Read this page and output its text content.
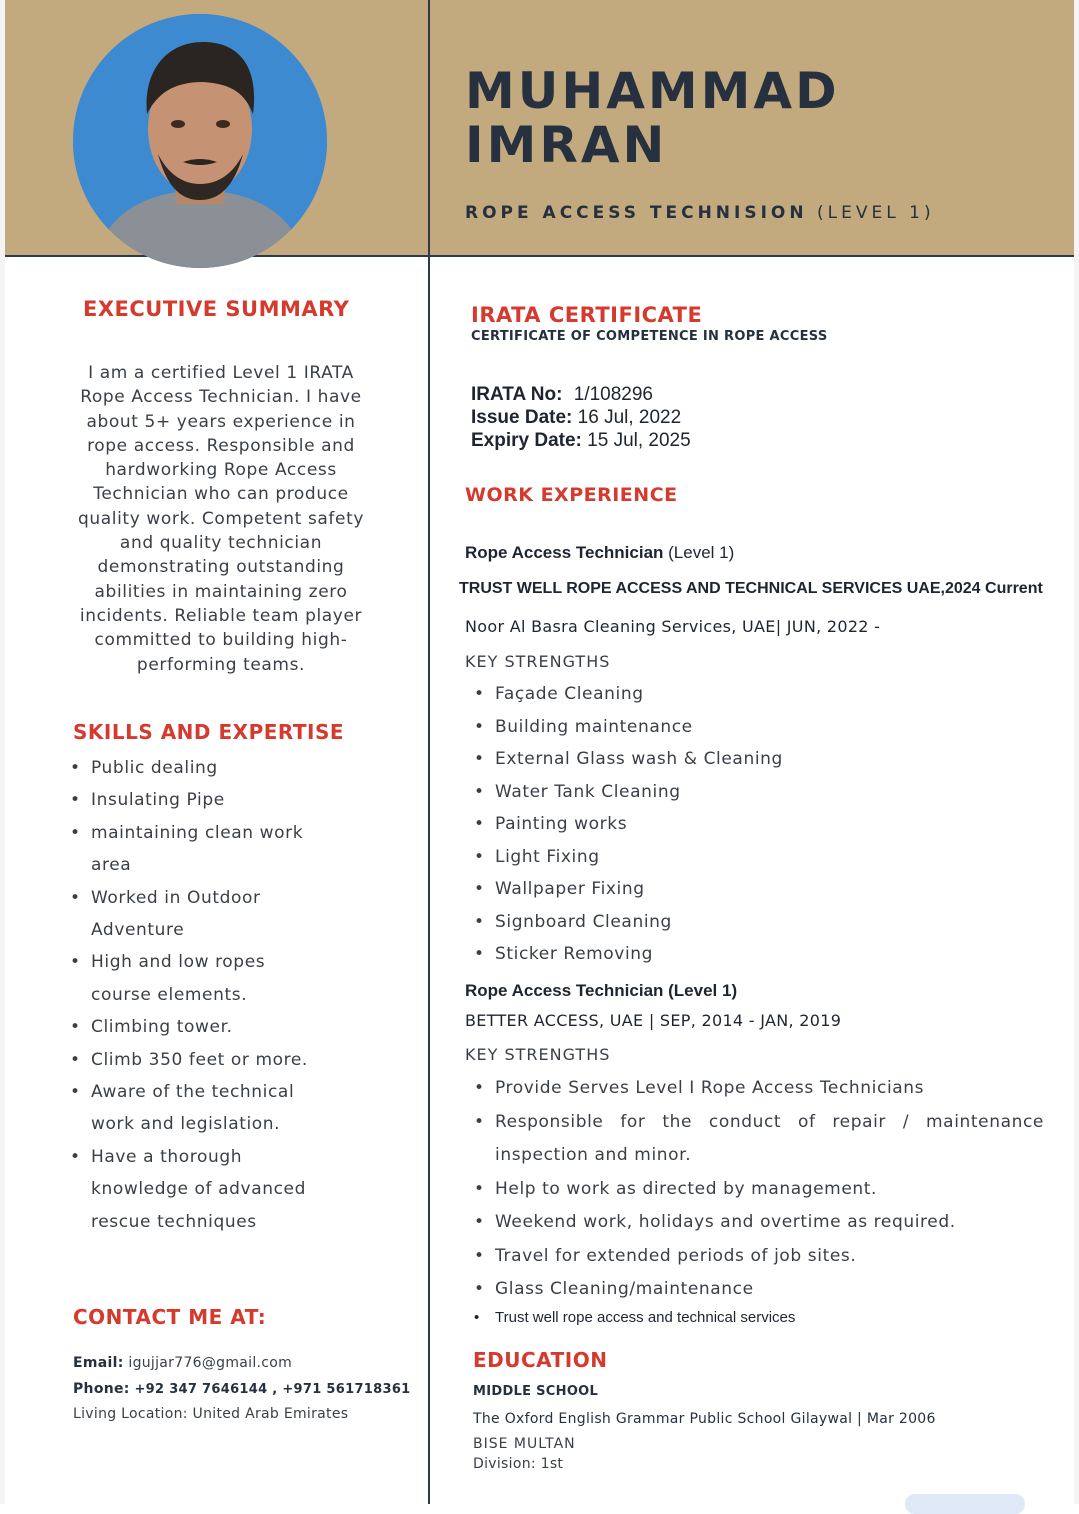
MUHAMMAD
IMRAN
ROPE ACCESS TECHNISION (LEVEL 1)
EXECUTIVE SUMMARY
I am a certified Level 1 IRATA Rope Access Technician. I have about 5+ years experience in rope access. Responsible and hardworking Rope Access Technician who can produce quality work. Competent safety and quality technician demonstrating outstanding abilities in maintaining zero incidents. Reliable team player committed to building high-performing teams.
SKILLS AND EXPERTISE
• Public dealing
• Insulating Pipe
• maintaining clean work area
• Worked in Outdoor Adventure
• High and low ropes course elements.
• Climbing tower.
• Climb 350 feet or more.
• Aware of the technical work and legislation.
• Have a thorough knowledge of advanced rescue techniques
CONTACT ME AT:
Email: igujjar776@gmail.com
Phone: +92 347 7646144 , +971 561718361
Living Location: United Arab Emirates
IRATA CERTIFICATE
CERTIFICATE OF COMPETENCE IN ROPE ACCESS
IRATA No: 1/108296
Issue Date: 16 Jul, 2022
Expiry Date: 15 Jul, 2025
WORK EXPERIENCE
Rope Access Technician (Level 1)
TRUST WELL ROPE ACCESS AND TECHNICAL SERVICES UAE,2024 Current
Noor Al Basra Cleaning Services, UAE| JUN, 2022 -
KEY STRENGTHS
• Façade Cleaning
• Building maintenance
• External Glass wash & Cleaning
• Water Tank Cleaning
• Painting works
• Light Fixing
• Wallpaper Fixing
• Signboard Cleaning
• Sticker Removing
Rope Access Technician (Level 1)
BETTER ACCESS, UAE | SEP, 2014 - JAN, 2019
KEY STRENGTHS
• Provide Serves Level I Rope Access Technicians
• Responsible for the conduct of repair / maintenance inspection and minor.
• Help to work as directed by management.
• Weekend work, holidays and overtime as required.
• Travel for extended periods of job sites.
• Glass Cleaning/maintenance
• Trust well rope access and technical services
EDUCATION
MIDDLE SCHOOL
The Oxford English Grammar Public School Gilaywal | Mar 2006
BISE MULTAN
Division: 1st
